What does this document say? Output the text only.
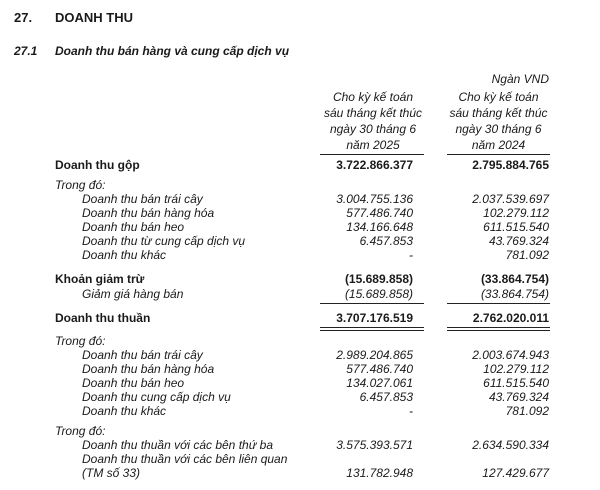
27. DOANH THU
27.1 Doanh thu bán hàng và cung cấp dịch vụ
Ngàn VND
Cho kỳ kế toán
sáu tháng kết thúc
ngày 30 tháng 6
năm 2025
Cho kỳ kế toán
sáu tháng kết thúc
ngày 30 tháng 6
năm 2024
Doanh thu gộp	3.722.866.377	2.795.884.765
Trong đó:
Doanh thu bán trái cây	3.004.755.136	2.037.539.697
Doanh thu bán hàng hóa	577.486.740	102.279.112
Doanh thu bán heo	134.166.648	611.515.540
Doanh thu từ cung cấp dịch vụ	6.457.853	43.769.324
Doanh thu khác	-	781.092
Khoản giảm trừ	(15.689.858)	(33.864.754)
Giảm giá hàng bán	(15.689.858)	(33.864.754)
Doanh thu thuần	3.707.176.519	2.762.020.011
Trong đó:
Doanh thu bán trái cây	2.989.204.865	2.003.674.943
Doanh thu bán hàng hóa	577.486.740	102.279.112
Doanh thu bán heo	134.027.061	611.515.540
Doanh thu cung cấp dịch vụ	6.457.853	43.769.324
Doanh thu khác	-	781.092
Trong đó:
Doanh thu thuần với các bên thứ ba	3.575.393.571	2.634.590.334
Doanh thu thuần với các bên liên quan
(TM số 33)	131.782.948	127.429.677
